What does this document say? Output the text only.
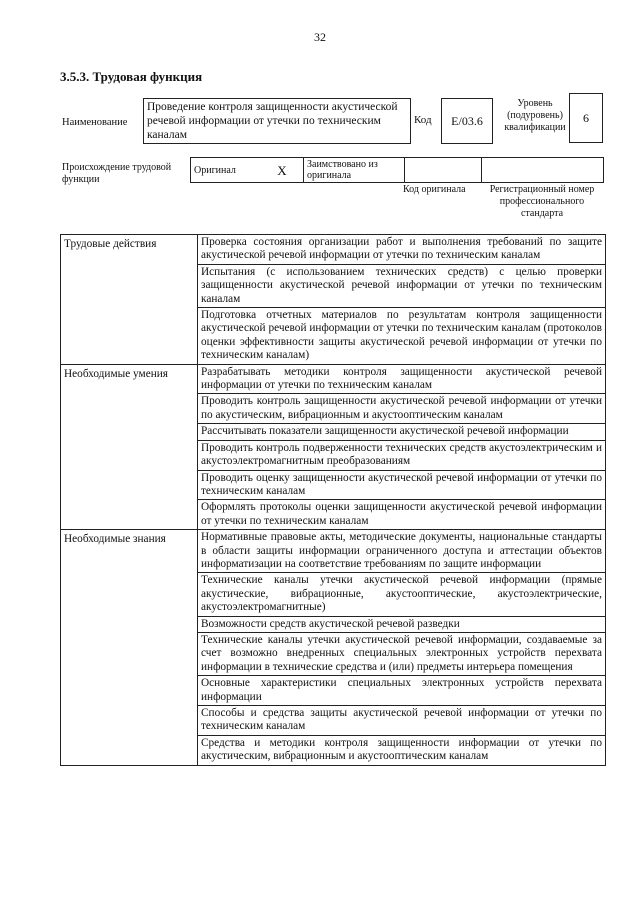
32
3.5.3. Трудовая функция
Наименование
Проведение контроля защищенности акустической речевой информации от утечки по техническим каналам
Код	E/03.6
Уровень (подуровень) квалификации
6
Происхождение трудовой функции
Оригинал	X	Заимствовано из оригинала		
Код оригинала	Регистрационный номер профессионального стандарта
Трудовые действия	Проверка состояния организации работ и выполнения требований по защите акустической речевой информации от утечки по техническим каналам
	Испытания (с использованием технических средств) с целью проверки защищенности акустической речевой информации от утечки по техническим каналам
	Подготовка отчетных материалов по результатам контроля защищенности акустической речевой информации от утечки по техническим каналам (протоколов оценки эффективности защиты акустической речевой информации от утечки по техническим каналам)
Необходимые умения	Разрабатывать методики контроля защищенности акустической речевой информации от утечки по техническим каналам
	Проводить контроль защищенности акустической речевой информации от утечки по акустическим, вибрационным и акустооптическим каналам
	Рассчитывать показатели защищенности акустической речевой информации
	Проводить контроль подверженности технических средств акустоэлектрическим и акустоэлектромагнитным преобразованиям
	Проводить оценку защищенности акустической речевой информации от утечки по техническим каналам
	Оформлять протоколы оценки защищенности акустической речевой информации от утечки по техническим каналам
Необходимые знания	Нормативные правовые акты, методические документы, национальные стандарты в области защиты информации ограниченного доступа и аттестации объектов информатизации на соответствие требованиям по защите информации
	Технические каналы утечки акустической речевой информации (прямые акустические, вибрационные, акустооптические, акустоэлектрические, акустоэлектромагнитные)
	Возможности средств акустической речевой разведки
	Технические каналы утечки акустической речевой информации, создаваемые за счет возможно внедренных специальных электронных устройств перехвата информации в технические средства и (или) предметы интерьера помещения
	Основные характеристики специальных электронных устройств перехвата информации
	Способы и средства защиты акустической речевой информации от утечки по техническим каналам
	Средства и методики контроля защищенности информации от утечки по акустическим, вибрационным и акустооптическим каналам
